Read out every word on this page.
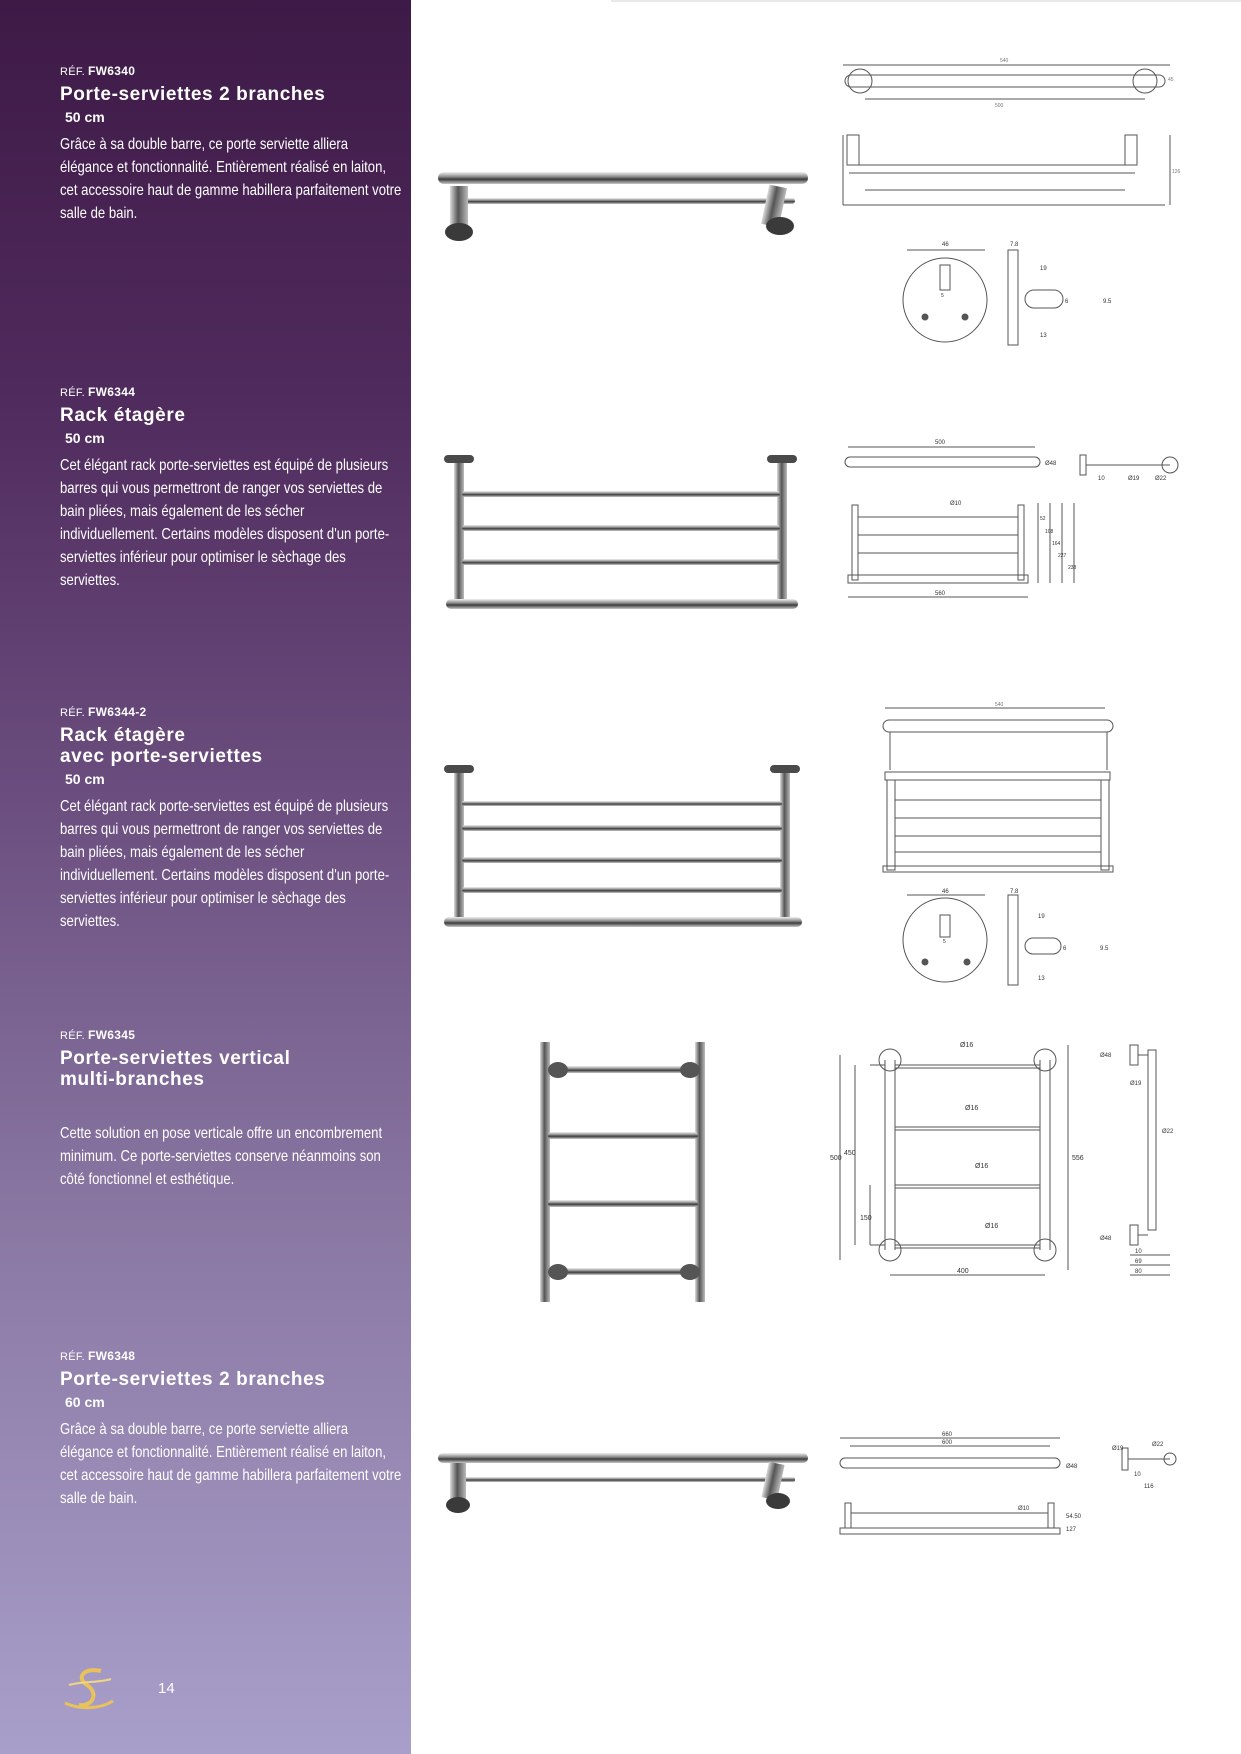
RÉF. FW6340
Porte-serviettes 2 branches
50 cm
Grâce à sa double barre, ce porte serviette alliera élégance et fonctionnalité. Entièrement réalisé en laiton, cet accessoire haut de gamme habillera parfaitement votre salle de bain.
RÉF. FW6344
Rack étagère
50 cm
Cet élégant rack porte-serviettes est équipé de plusieurs barres qui vous permettront de ranger vos serviettes de bain pliées, mais également de les sécher individuellement. Certains modèles disposent d'un porte-serviettes inférieur pour optimiser le sèchage des serviettes.
RÉF. FW6344-2
Rack étagère
avec porte-serviettes
50 cm
Cet élégant rack porte-serviettes est équipé de plusieurs barres qui vous permettront de ranger vos serviettes de bain pliées, mais également de les sécher individuellement. Certains modèles disposent d'un porte-serviettes inférieur pour optimiser le sèchage des serviettes.
RÉF. FW6345
Porte-serviettes vertical
multi-branches
Cette solution en pose verticale offre un encombrement minimum. Ce porte-serviettes conserve néanmoins son côté fonctionnel et esthétique.
RÉF. FW6348
Porte-serviettes 2 branches
60 cm
Grâce à sa double barre, ce porte serviette alliera élégance et fonctionnalité. Entièrement réalisé en laiton, cet accessoire haut de gamme habillera parfaitement votre salle de bain.
540
500
45
126
46
5
7.8
19
6	9.5
13
500
Ø48
10	Ø19	Ø22
Ø10
52
108
164
227
238
560
540
46
5
7.8
19
6	9.5
13
500
450
150
Ø16
Ø16
Ø16
Ø16
400
556
Ø48
Ø19
Ø22
Ø48
10
69
80
660
600
Ø48
Ø10
54.50
127
Ø19
Ø22
10
116
14
